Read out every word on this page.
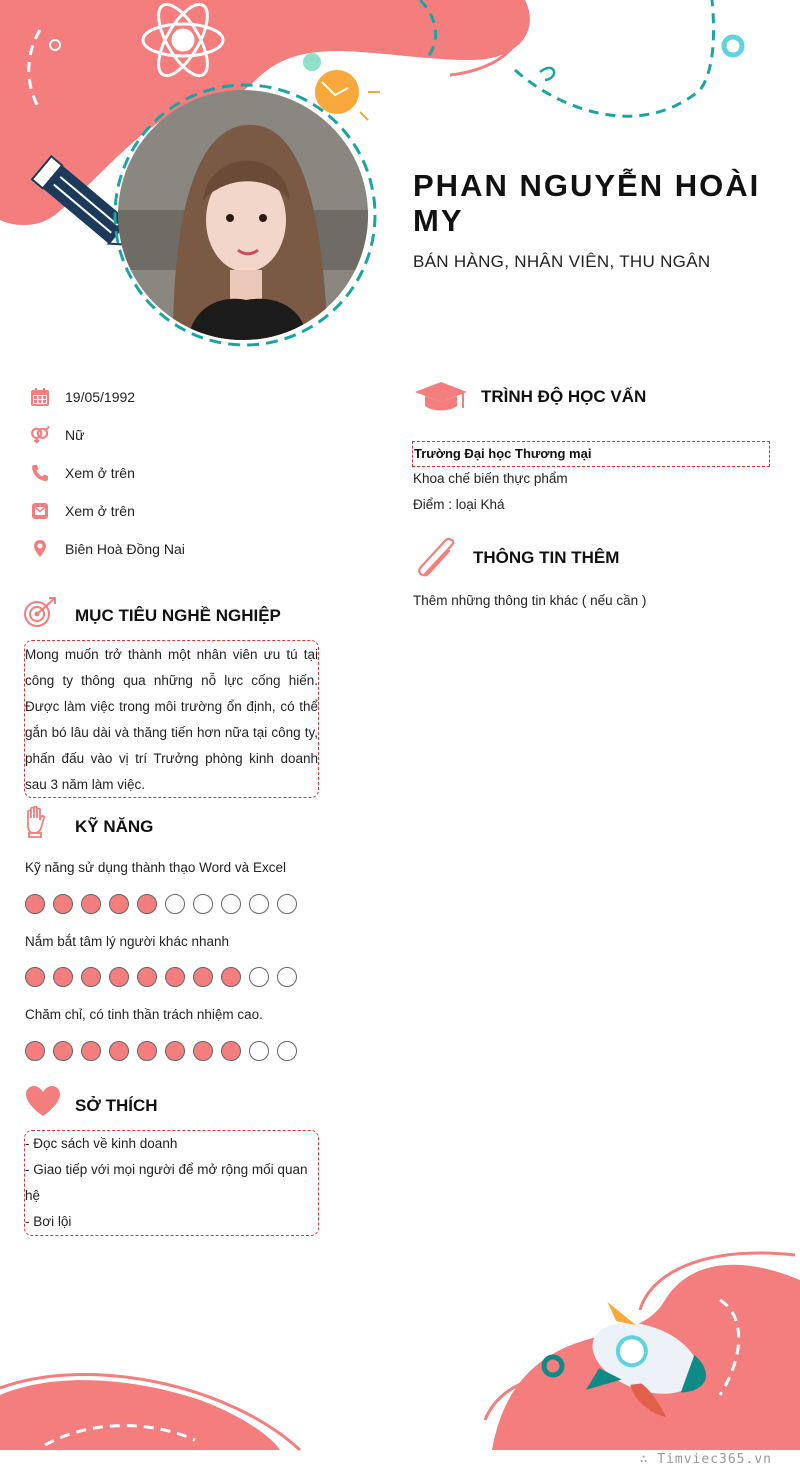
PHAN NGUYỄN HOÀI MY
BÁN HÀNG, NHÂN VIÊN, THU NGÂN
19/05/1992
Nữ
Xem ở trên
Xem ở trên
Biên Hoà Đồng Nai
MỤC TIÊU NGHỀ NGHIỆP
Mong muốn trở thành một nhân viên ưu tú tại công ty thông qua những nỗ lực cống hiến. Được làm việc trong môi trường ổn định, có thể gắn bó lâu dài và thăng tiến hơn nữa tại công ty, phấn đấu vào vị trí Trưởng phòng kinh doanh sau 3 năm làm việc.
KỸ NĂNG
Kỹ năng sử dụng thành thạo Word và Excel
Nắm bắt tâm lý người khác nhanh
Chăm chỉ, có tinh thần trách nhiệm cao.
SỞ THÍCH
- Đọc sách về kinh doanh
- Giao tiếp với mọi người để mở rộng mối quan hệ
- Bơi lội
TRÌNH ĐỘ HỌC VẤN
Trường Đại học Thương mại
Khoa chế biến thực phẩm
Điểm : loại Khá
THÔNG TIN THÊM
Thêm những thông tin khác ( nếu cần )
∴ Timviec365.vn
